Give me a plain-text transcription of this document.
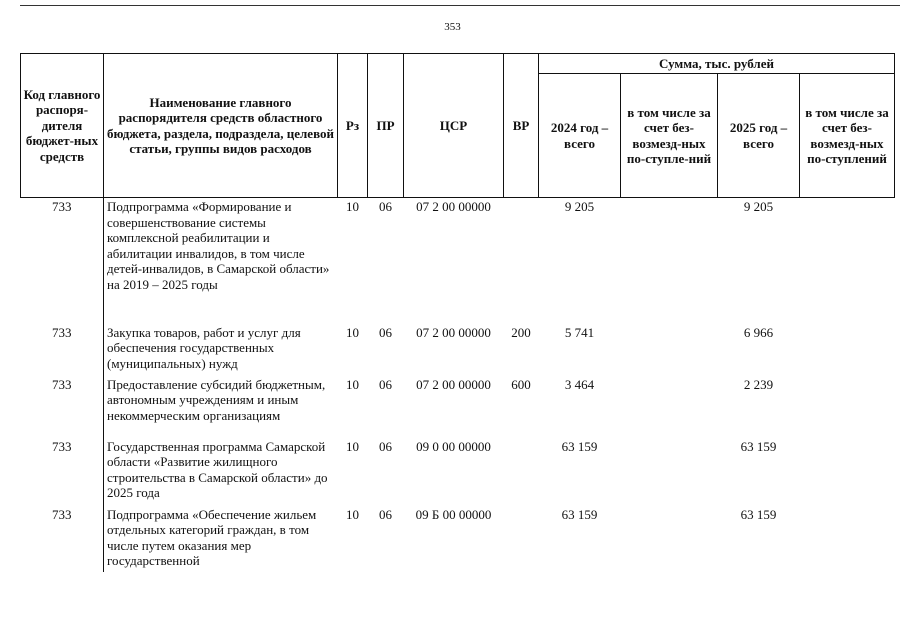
353
Код главного распоря-дителя бюджет-ных средств	Наименование главного распорядителя средств областного бюджета, раздела, подраздела, целевой статьи, группы видов расходов	Рз	ПР	ЦСР	ВР	Сумма, тыс. рублей			
						2024 год – всего	в том числе за счет без-возмезд-ных по-ступле-ний	2025 год – всего	в том числе за счет без-возмезд-ных по-ступлений
733	Подпрограмма «Формирование и совершенствование системы комплексной реабилитации и абилитации инвалидов, в том числе детей-инвалидов, в Самарской области» на 2019 – 2025 годы	10	06	07 2 00 00000		9 205		9 205	
733	Закупка товаров, работ и услуг для обеспечения государственных (муниципальных) нужд	10	06	07 2 00 00000	200	5 741		6 966	
733	Предоставление субсидий бюджетным, автономным учреждениям и иным некоммерческим организациям	10	06	07 2 00 00000	600	3 464		2 239	
733	Государственная программа Самарской области «Развитие жилищного строительства в Самарской области» до 2025 года	10	06	09 0 00 00000		63 159		63 159	
733	Подпрограмма «Обеспечение жильем отдельных категорий граждан, в том числе путем оказания мер государственной	10	06	09 Б 00 00000		63 159		63 159	
